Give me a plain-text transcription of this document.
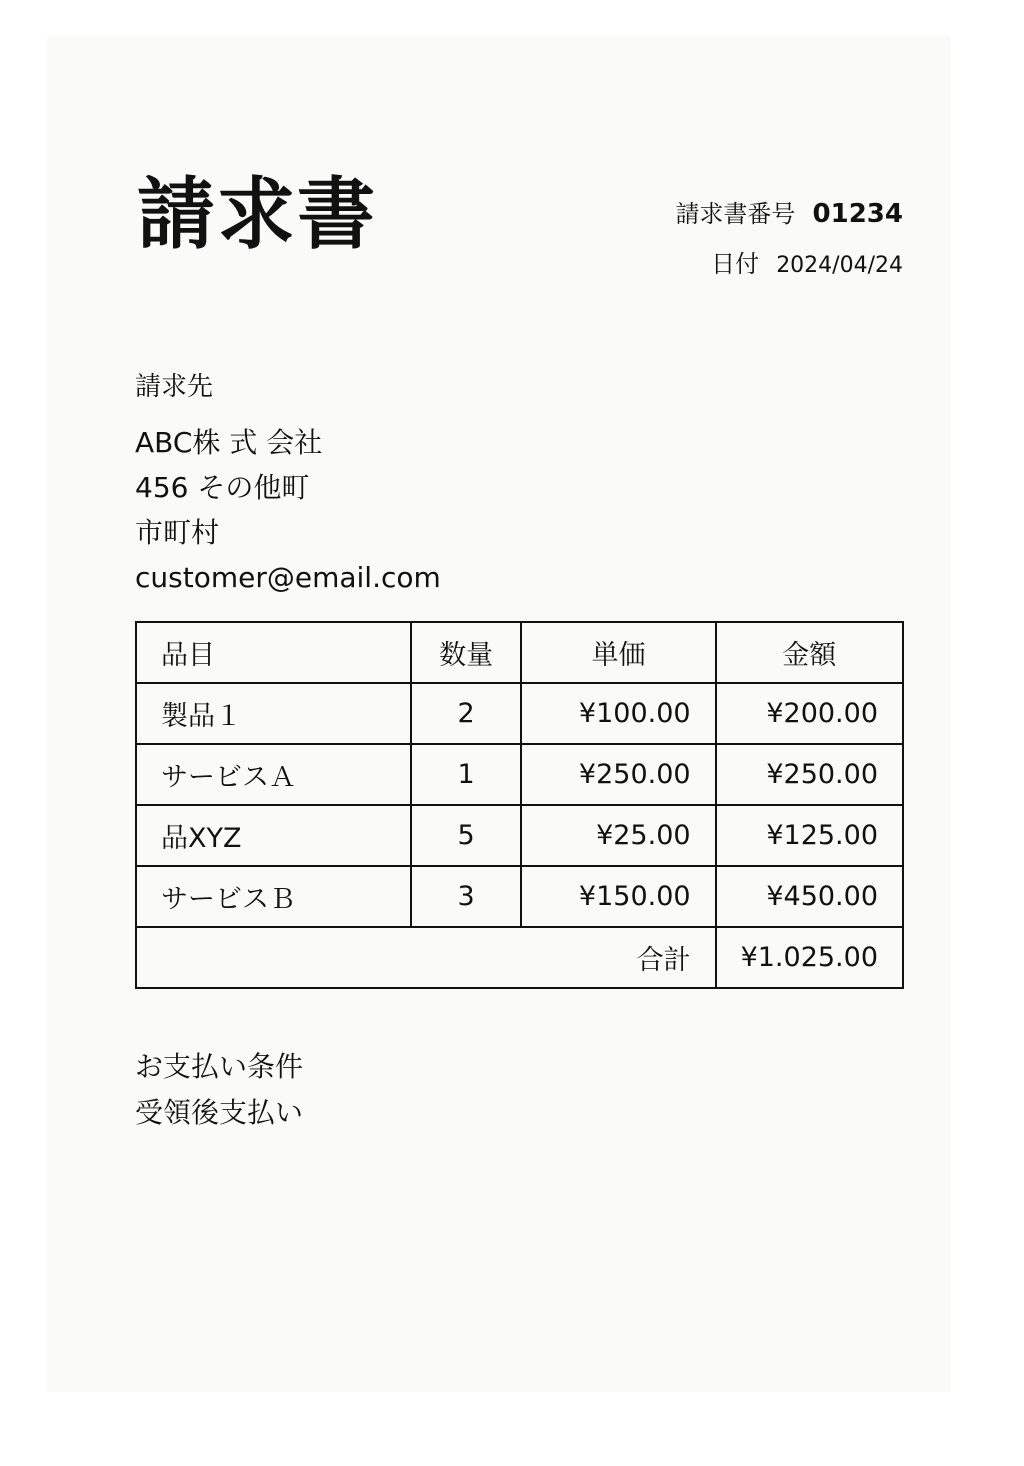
請求書	請求書番号 01234
日付 2024/04/24
請求先
ABC株 式 会社
456 その他町
市町村
customer@email.com
品目	数量	単価	金額
製品１	2	¥100.00	¥200.00
サービスＡ	1	¥250.00	¥250.00
品XYZ	5	¥25.00	¥125.00
サービスＢ	3	¥150.00	¥450.00
合計			¥1.025.00
お支払い条件
受領後支払い
